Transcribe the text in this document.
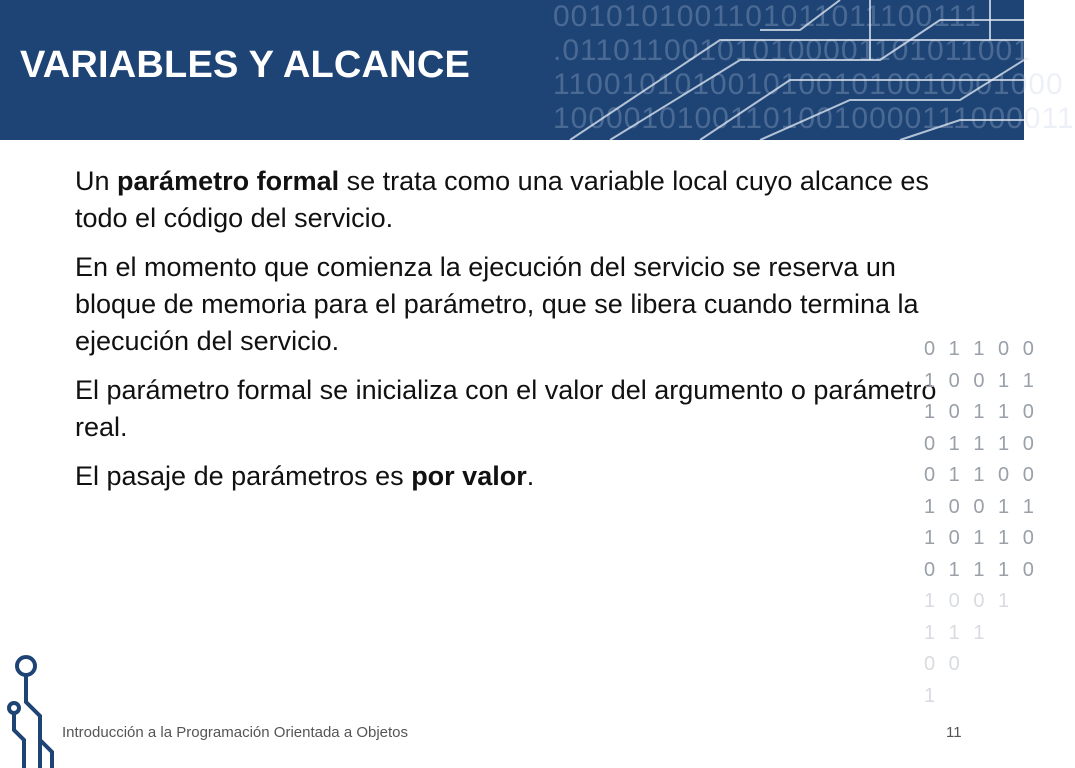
0010101001101011011100111
.011011001010100001101011001
11001010100101001010010001000
100001010011010010000111000011
VARIABLES Y ALCANCE

Un parámetro formal se trata como una variable local cuyo alcance es todo el código del servicio.

En el momento que comienza la ejecución del servicio se reserva un bloque de memoria para el parámetro, que se libera cuando termina la ejecución del servicio.

El parámetro formal se inicializa con el valor del argumento o parámetro real.

El pasaje de parámetros es por valor.

0 1 1 0 0
1 0 0 1 1
1 0 1 1 0
0 1 1 1 0
0 1 1 0 0
1 0 0 1 1
1 0 1 1 0
0 1 1 1 0
1 0 0 1
1 1 1
0 0
1
Introducción a la Programación Orientada a Objetos	11
